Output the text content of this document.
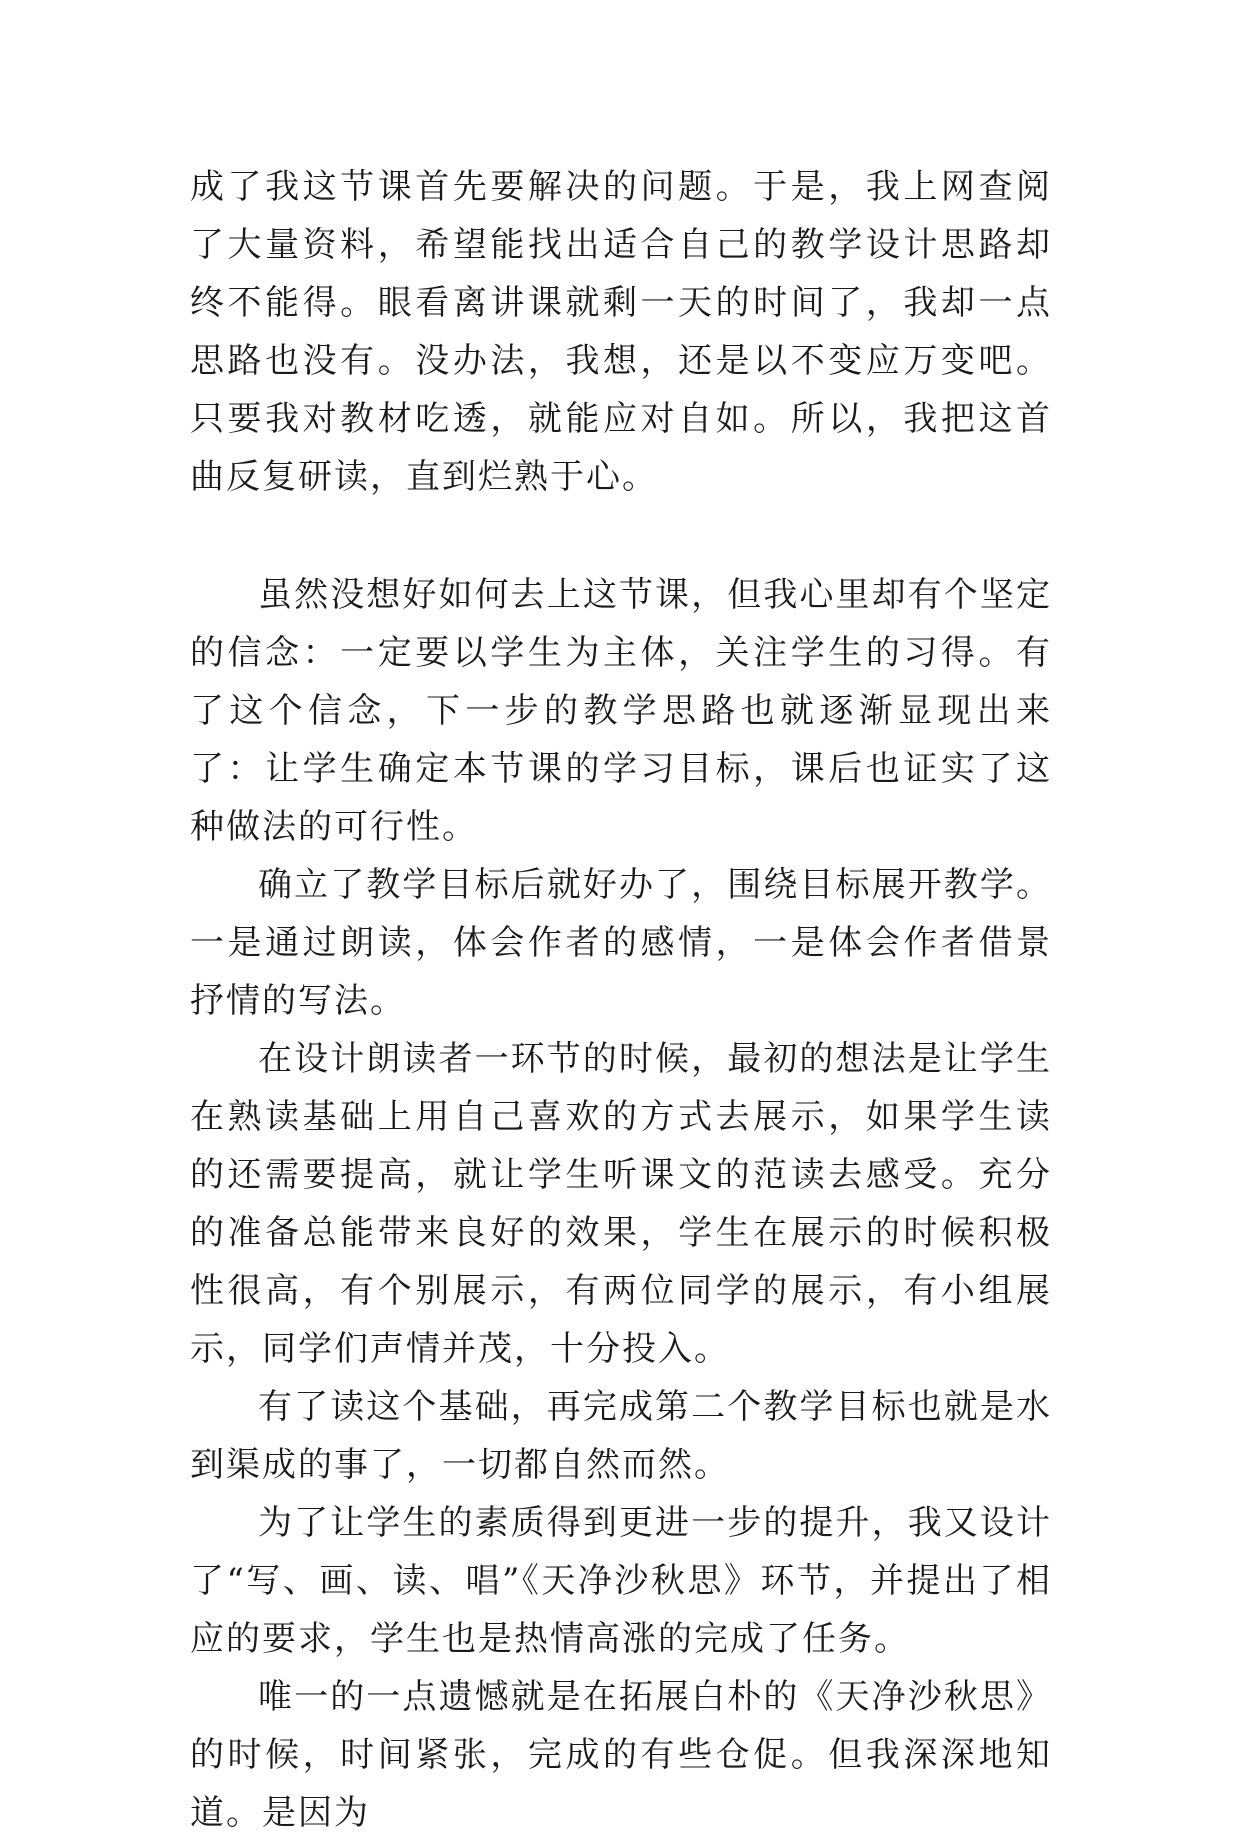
成了我这节课首先要解决的问题。于是，我上网查阅了大量资料，希望能找出适合自己的教学设计思路却终不能得。眼看离讲课就剩一天的时间了，我却一点思路也没有。没办法，我想，还是以不变应万变吧。只要我对教材吃透，就能应对自如。所以，我把这首曲反复研读，直到烂熟于心。

虽然没想好如何去上这节课，但我心里却有个坚定的信念：一定要以学生为主体，关注学生的习得。有了这个信念，下一步的教学思路也就逐渐显现出来了：让学生确定本节课的学习目标，课后也证实了这种做法的可行性。

确立了教学目标后就好办了，围绕目标展开教学。一是通过朗读，体会作者的感情，一是体会作者借景抒情的写法。

在设计朗读者一环节的时候，最初的想法是让学生在熟读基础上用自己喜欢的方式去展示，如果学生读的还需要提高，就让学生听课文的范读去感受。充分的准备总能带来良好的效果，学生在展示的时候积极性很高，有个别展示，有两位同学的展示，有小组展示，同学们声情并茂，十分投入。

有了读这个基础，再完成第二个教学目标也就是水到渠成的事了，一切都自然而然。

为了让学生的素质得到更进一步的提升，我又设计了“写、画、读、唱”《天净沙秋思》环节，并提出了相应的要求，学生也是热情高涨的完成了任务。

唯一的一点遗憾就是在拓展白朴的《天净沙秋思》的时候，时间紧张，完成的有些仓促。但我深深地知道。是因为
